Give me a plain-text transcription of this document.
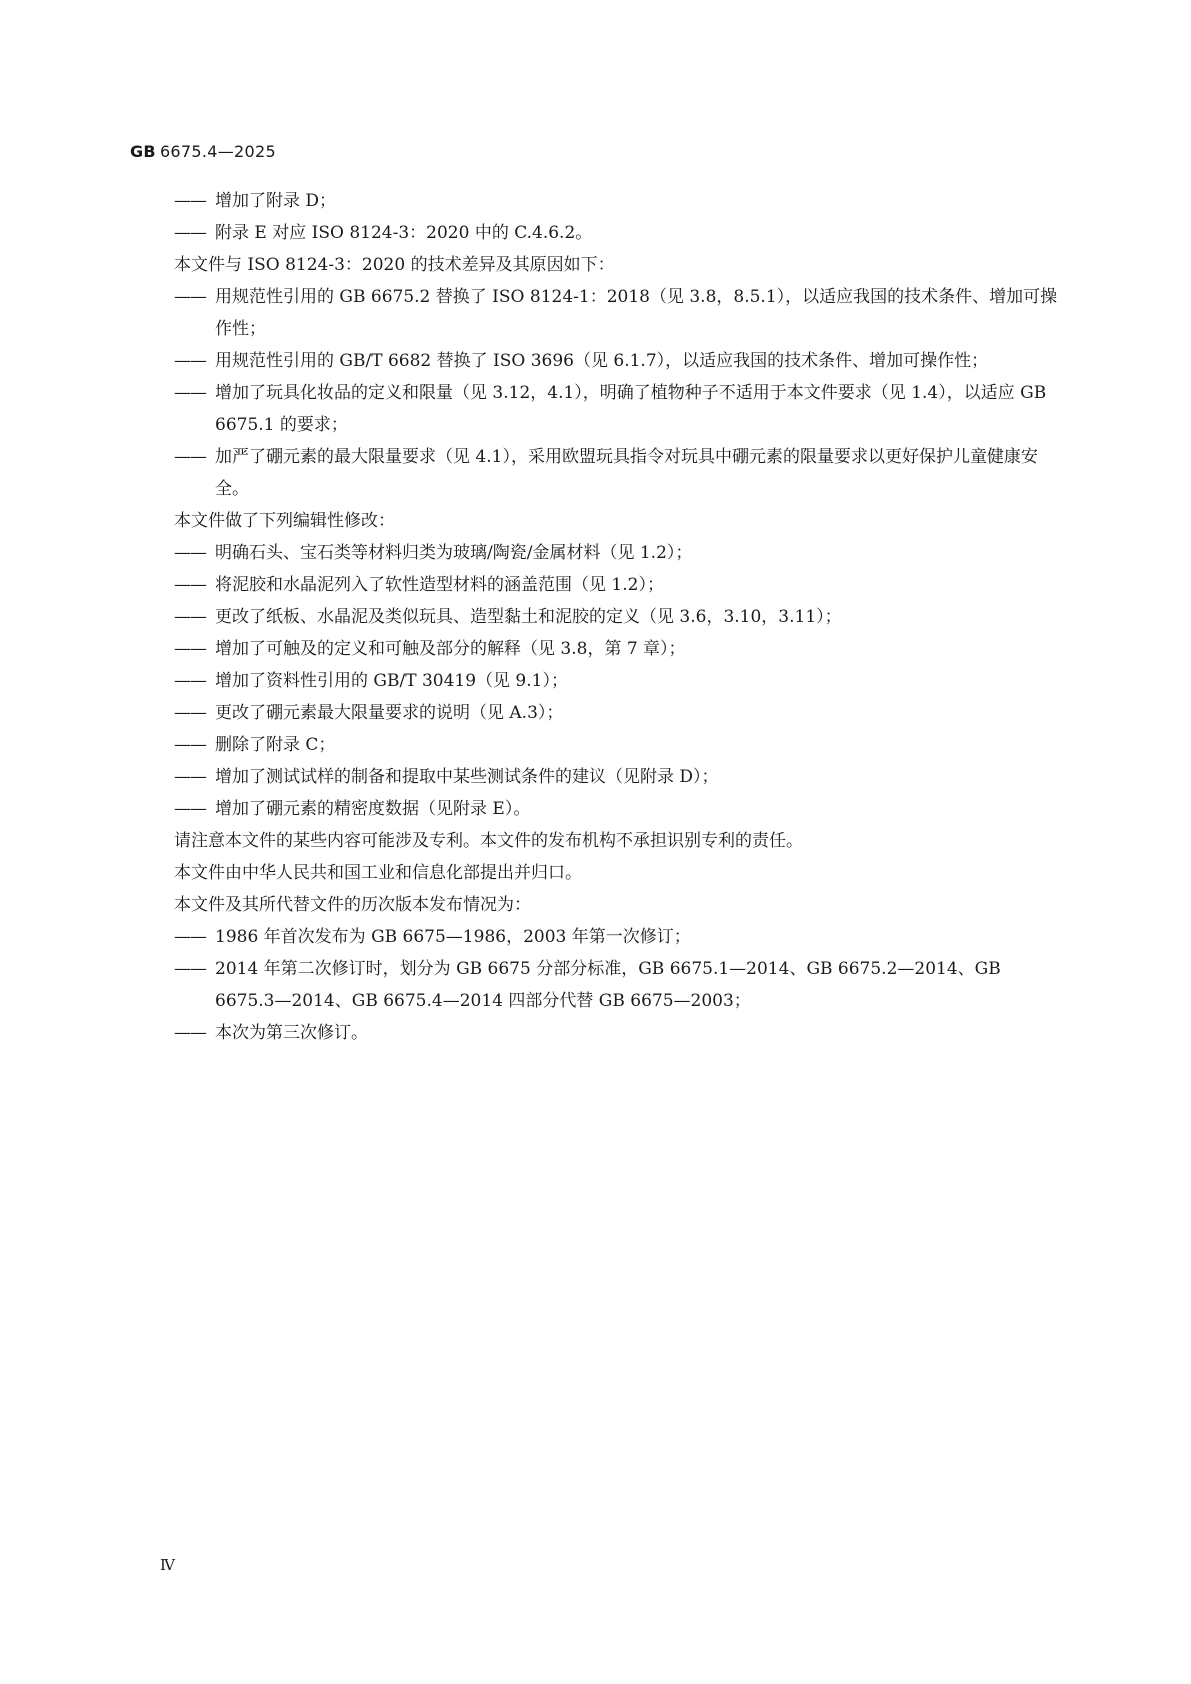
GB 6675.4—2025
—— 增加了附录 D；
—— 附录 E 对应 ISO 8124-3：2020 中的 C.4.6.2。
本文件与 ISO 8124-3：2020 的技术差异及其原因如下：
—— 用规范性引用的 GB 6675.2 替换了 ISO 8124-1：2018（见 3.8，8.5.1），以适应我国的技术条件、增加可操作性；
—— 用规范性引用的 GB/T 6682 替换了 ISO 3696（见 6.1.7），以适应我国的技术条件、增加可操作性；
—— 增加了玩具化妆品的定义和限量（见 3.12，4.1），明确了植物种子不适用于本文件要求（见 1.4），以适应 GB 6675.1 的要求；
—— 加严了硼元素的最大限量要求（见 4.1），采用欧盟玩具指令对玩具中硼元素的限量要求以更好保护儿童健康安全。
本文件做了下列编辑性修改：
—— 明确石头、宝石类等材料归类为玻璃/陶瓷/金属材料（见 1.2）；
—— 将泥胶和水晶泥列入了软性造型材料的涵盖范围（见 1.2）；
—— 更改了纸板、水晶泥及类似玩具、造型黏土和泥胶的定义（见 3.6，3.10，3.11）；
—— 增加了可触及的定义和可触及部分的解释（见 3.8，第 7 章）；
—— 增加了资料性引用的 GB/T 30419（见 9.1）；
—— 更改了硼元素最大限量要求的说明（见 A.3）；
—— 删除了附录 C；
—— 增加了测试试样的制备和提取中某些测试条件的建议（见附录 D）；
—— 增加了硼元素的精密度数据（见附录 E）。
请注意本文件的某些内容可能涉及专利。本文件的发布机构不承担识别专利的责任。
本文件由中华人民共和国工业和信息化部提出并归口。
本文件及其所代替文件的历次版本发布情况为：
—— 1986 年首次发布为 GB 6675—1986，2003 年第一次修订；
—— 2014 年第二次修订时，划分为 GB 6675 分部分标准，GB 6675.1—2014、GB 6675.2—2014、GB 6675.3—2014、GB 6675.4—2014 四部分代替 GB 6675—2003；
—— 本次为第三次修订。
Ⅳ
